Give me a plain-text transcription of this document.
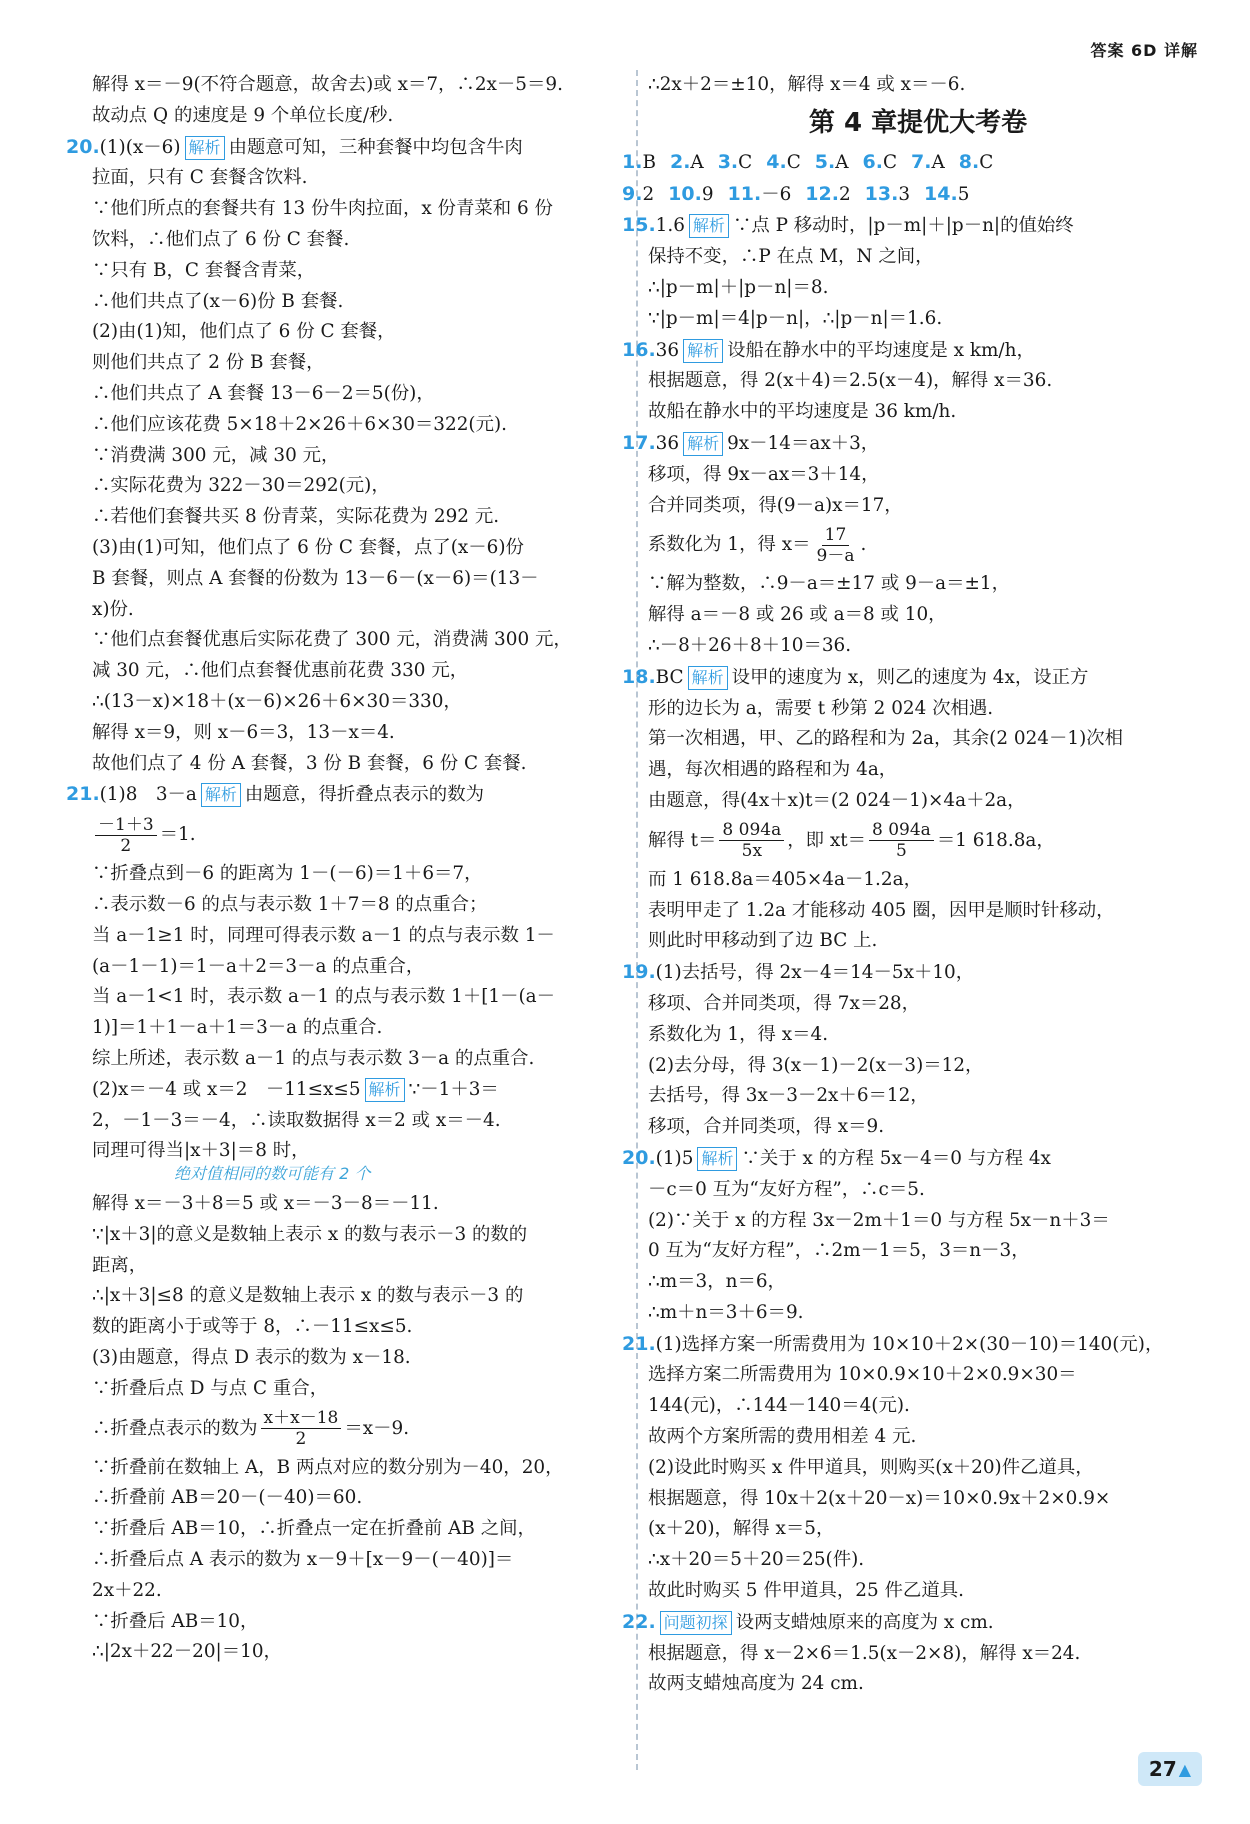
答案 6D 详解
解得 x＝－9(不符合题意，故舍去)或 x＝7，∴2x－5＝9.
故动点 Q 的速度是 9 个单位长度/秒.
20.(1)(x－6) 解析 由题意可知，三种套餐中均包含牛肉
拉面，只有 C 套餐含饮料.
∵他们所点的套餐共有 13 份牛肉拉面，x 份青菜和 6 份
饮料，∴他们点了 6 份 C 套餐.
∵只有 B，C 套餐含青菜，
∴他们共点了(x－6)份 B 套餐.
(2)由(1)知，他们点了 6 份 C 套餐，
则他们共点了 2 份 B 套餐，
∴他们共点了 A 套餐 13－6－2＝5(份)，
∴他们应该花费 5×18＋2×26＋6×30＝322(元).
∵消费满 300 元，减 30 元，
∴实际花费为 322－30＝292(元)，
∴若他们套餐共买 8 份青菜，实际花费为 292 元.
(3)由(1)可知，他们点了 6 份 C 套餐，点了(x－6)份
B 套餐，则点 A 套餐的份数为 13－6－(x－6)＝(13－
x)份.
∵他们点套餐优惠后实际花费了 300 元，消费满 300 元，
减 30 元，∴他们点套餐优惠前花费 330 元，
∴(13－x)×18＋(x－6)×26＋6×30＝330，
解得 x＝9，则 x－6＝3，13－x＝4.
故他们点了 4 份 A 套餐，3 份 B 套餐，6 份 C 套餐.
21.(1)8　3－a 解析 由题意，得折叠点表示的数为
$\frac{-1+3}{2} =1$.
∵折叠点到－6 的距离为 1－(－6)＝1＋6＝7，
∴表示数－6 的点与表示数 1＋7＝8 的点重合；
当 a－1≥1 时，同理可得表示数 a－1 的点与表示数 1－
(a－1－1)＝1－a＋2＝3－a 的点重合，
当 a－1<1 时，表示数 a－1 的点与表示数 1＋[1－(a－
1)]＝1＋1－a＋1＝3－a 的点重合.
综上所述，表示数 a－1 的点与表示数 3－a 的点重合.
(2)x＝－4 或 x＝2　－11≤x≤5 解析 ∵－1＋3＝
2，－1－3＝－4，∴读取数据得 x＝2 或 x＝－4.
同理可得当|x＋3|＝8 时，
绝对值相同的数可能有 2 个
解得 x＝－3＋8＝5 或 x＝－3－8＝－11.
∵|x＋3|的意义是数轴上表示 x 的数与表示－3 的数的
距离，
∴|x＋3|≤8 的意义是数轴上表示 x 的数与表示－3 的
数的距离小于或等于 8，∴－11≤x≤5.
(3)由题意，得点 D 表示的数为 x－18.
∵折叠后点 D 与点 C 重合，
∴折叠点表示的数为 $\frac{x+x-18}{2} =x-9$.
∵折叠前在数轴上 A，B 两点对应的数分别为－40，20，
∴折叠前 AB＝20－(－40)＝60.
∵折叠后 AB＝10，∴折叠点一定在折叠前 AB 之间，
∴折叠后点 A 表示的数为 x－9＋[x－9－(－40)]＝
2x＋22.
∵折叠后 AB＝10，
∴|2x＋22－20|＝10，
∴2x＋2＝±10，解得 x＝4 或 x＝－6.
第 4 章提优大考卷
1.B 2.A 3.C 4.C 5.A 6.C 7.A 8.C
9.2 10.9 11.－6 12.2 13.3 14.5
15.1.6 解析 ∵点 P 移动时，|p－m|＋|p－n|的值始终
保持不变，∴P 在点 M，N 之间，
∴|p－m|＋|p－n|＝8.
∵|p－m|＝4|p－n|，∴|p－n|＝1.6.
16.36 解析 设船在静水中的平均速度是 x km/h，
根据题意，得 2(x＋4)＝2.5(x－4)，解得 x＝36.
故船在静水中的平均速度是 36 km/h.
17.36 解析 9x－14＝ax＋3，
移项，得 9x－ax＝3＋14，
合并同类项，得(9－a)x＝17，
系数化为 1，得 $x= \frac{17}{9-a}$ .
∵解为整数，∴9－a＝±17 或 9－a＝±1，
解得 a＝－8 或 26 或 a＝8 或 10，
∴－8＋26＋8＋10＝36.
18.BC 解析 设甲的速度为 x，则乙的速度为 4x，设正方
形的边长为 a，需要 t 秒第 2 024 次相遇.
第一次相遇，甲、乙的路程和为 2a，其余(2 024－1)次相
遇，每次相遇的路程和为 4a，
由题意，得(4x＋x)t＝(2 024－1)×4a＋2a，
解得 $t= \frac{8 094a}{5x}$ ，即 $xt= \frac{8 094a}{5} =1$ 618.8a，
而 1 618.8a＝405×4a－1.2a，
表明甲走了 1.2a 才能移动 405 圈，因甲是顺时针移动，
则此时甲移动到了边 BC 上.
19.(1)去括号，得 2x－4＝14－5x＋10，
移项、合并同类项，得 7x＝28，
系数化为 1，得 x＝4.
(2)去分母，得 3(x－1)－2(x－3)＝12，
去括号，得 3x－3－2x＋6＝12，
移项，合并同类项，得 x＝9.
20.(1)5 解析 ∵关于 x 的方程 5x－4＝0 与方程 4x
－c＝0 互为“友好方程”，∴c＝5.
(2)∵关于 x 的方程 3x－2m＋1＝0 与方程 5x－n＋3＝
0 互为“友好方程”，∴2m－1＝5，3＝n－3，
∴m＝3，n＝6，
∴m＋n＝3＋6＝9.
21.(1)选择方案一所需费用为 10×10＋2×(30－10)＝140(元)，
选择方案二所需费用为 10×0.9×10＋2×0.9×30＝
144(元)，∴144－140＝4(元).
故两个方案所需的费用相差 4 元.
(2)设此时购买 x 件甲道具，则购买(x＋20)件乙道具，
根据题意，得 10x＋2(x＋20－x)＝10×0.9x＋2×0.9×
(x＋20)，解得 x＝5，
∴x＋20＝5＋20＝25(件).
故此时购买 5 件甲道具，25 件乙道具.
22. 问题初探 设两支蜡烛原来的高度为 x cm.
根据题意，得 x－2×6＝1.5(x－2×8)，解得 x＝24.
故两支蜡烛高度为 24 cm.
27 ▲
